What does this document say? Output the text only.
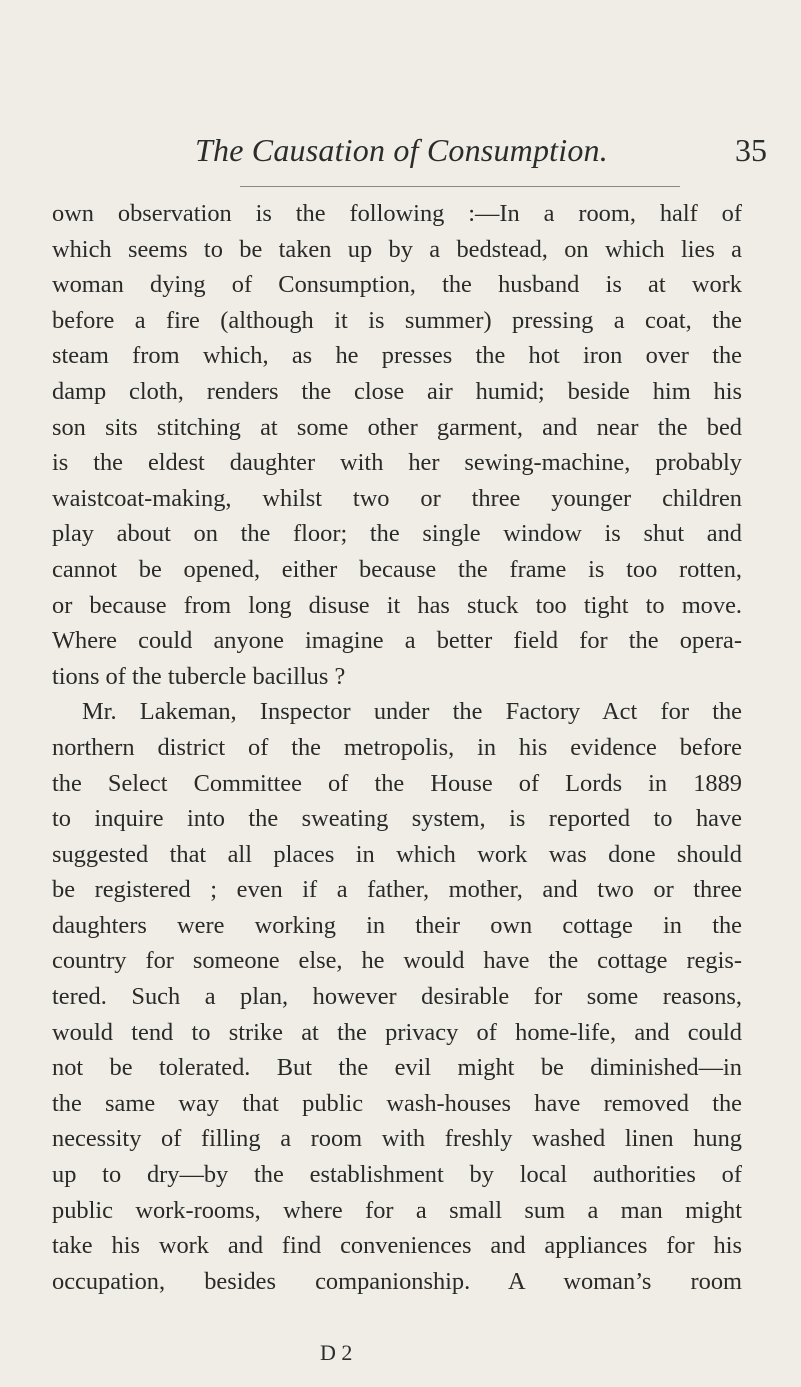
The Causation of Consumption.	35
own observation is the following :—In a room, half of
which seems to be taken up by a bedstead, on which lies a
woman dying of Consumption, the husband is at work
before a fire (although it is summer) pressing a coat, the
steam from which, as he presses the hot iron over the
damp cloth, renders the close air humid; beside him his
son sits stitching at some other garment, and near the bed
is the eldest daughter with her sewing-machine, probably
waistcoat-making, whilst two or three younger children
play about on the floor; the single window is shut and
cannot be opened, either because the frame is too rotten,
or because from long disuse it has stuck too tight to move.
Where could anyone imagine a better field for the opera-
tions of the tubercle bacillus ?
Mr. Lakeman, Inspector under the Factory Act for the
northern district of the metropolis, in his evidence before
the Select Committee of the House of Lords in 1889
to inquire into the sweating system, is reported to have
suggested that all places in which work was done should
be registered ; even if a father, mother, and two or three
daughters were working in their own cottage in the
country for someone else, he would have the cottage regis-
tered. Such a plan, however desirable for some reasons,
would tend to strike at the privacy of home-life, and could
not be tolerated. But the evil might be diminished—in
the same way that public wash-houses have removed the
necessity of filling a room with freshly washed linen hung
up to dry—by the establishment by local authorities of
public work-rooms, where for a small sum a man might
take his work and find conveniences and appliances for his
occupation, besides companionship. A woman’s room
D 2
